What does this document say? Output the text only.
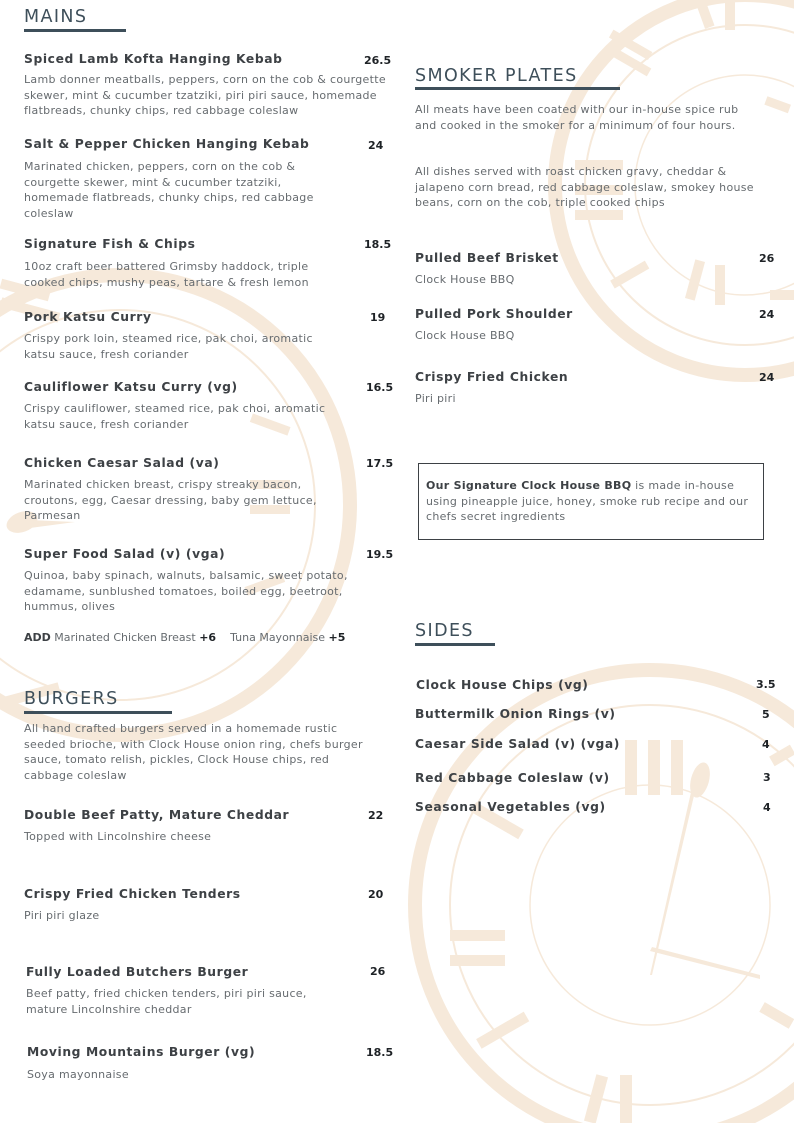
MAINS

Spiced Lamb Kofta Hanging Kebab	26.5

Lamb donner meatballs, peppers, corn on the cob & courgette skewer, mint & cucumber tzatziki, piri piri sauce, homemade flatbreads, chunky chips, red cabbage coleslaw

Salt & Pepper Chicken Hanging Kebab	24

Marinated chicken, peppers, corn on the cob & courgette skewer, mint & cucumber tzatziki, homemade flatbreads, chunky chips, red cabbage coleslaw

Signature Fish & Chips	18.5

10oz craft beer battered Grimsby haddock, triple cooked chips, mushy peas, tartare & fresh lemon

Pork Katsu Curry	19

Crispy pork loin, steamed rice, pak choi, aromatic katsu sauce, fresh coriander

Cauliflower Katsu Curry (vg)	16.5

Crispy cauliflower, steamed rice, pak choi, aromatic katsu sauce, fresh coriander

Chicken Caesar Salad (va)	17.5

Marinated chicken breast, crispy streaky bacon, croutons, egg, Caesar dressing, baby gem lettuce, Parmesan

Super Food Salad (v) (vga)	19.5

Quinoa, baby spinach, walnuts, balsamic, sweet potato, edamame, sunblushed tomatoes, boiled egg, beetroot, hummus, olives

ADD Marinated Chicken Breast +6 Tuna Mayonnaise +5

BURGERS

All hand crafted burgers served in a homemade rustic seeded brioche, with Clock House onion ring, chefs burger sauce, tomato relish, pickles, Clock House chips, red cabbage coleslaw

Double Beef Patty, Mature Cheddar	22

Topped with Lincolnshire cheese

Crispy Fried Chicken Tenders	20

Piri piri glaze

Fully Loaded Butchers Burger	26

Beef patty, fried chicken tenders, piri piri sauce, mature Lincolnshire cheddar

Moving Mountains Burger (vg)	18.5

Soya mayonnaise

SMOKER PLATES

All meats have been coated with our in-house spice rub and cooked in the smoker for a minimum of four hours.

All dishes served with roast chicken gravy, cheddar & jalapeno corn bread, red cabbage coleslaw, smokey house beans, corn on the cob, triple cooked chips

Pulled Beef Brisket	26

Clock House BBQ

Pulled Pork Shoulder	24

Clock House BBQ

Crispy Fried Chicken	24

Piri piri

Our Signature Clock House BBQ is made in-house using pineapple juice, honey, smoke rub recipe and our chefs secret ingredients

SIDES

Clock House Chips (vg)	3.5

Buttermilk Onion Rings (v)	5

Caesar Side Salad (v) (vga)	4

Red Cabbage Coleslaw (v)	3

Seasonal Vegetables (vg)	4
